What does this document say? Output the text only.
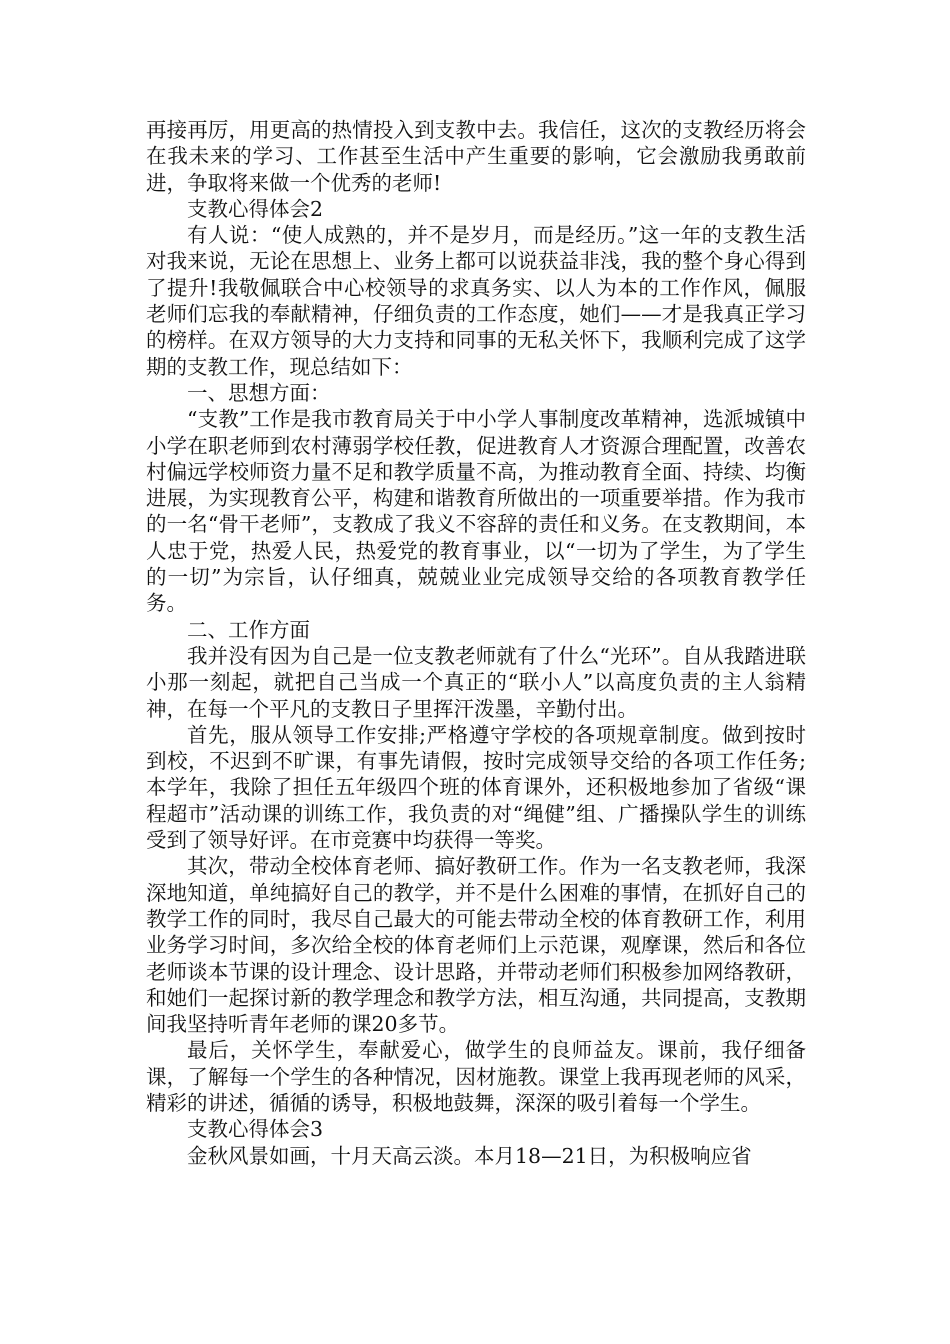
再接再厉，用更高的热情投入到支教中去。我信任，这次的支教经历将会在我未来的学习、工作甚至生活中产生重要的影响，它会激励我勇敢前进，争取将来做一个优秀的老师!

支教心得体会2

有人说：“使人成熟的，并不是岁月，而是经历。”这一年的支教生活对我来说，无论在思想上、业务上都可以说获益非浅，我的整个身心得到了提升!我敬佩联合中心校领导的求真务实、以人为本的工作作风，佩服老师们忘我的奉献精神，仔细负责的工作态度，她们——才是我真正学习的榜样。在双方领导的大力支持和同事的无私关怀下，我顺利完成了这学期的支教工作，现总结如下：

一、思想方面：

“支教”工作是我市教育局关于中小学人事制度改革精神，选派城镇中小学在职老师到农村薄弱学校任教，促进教育人才资源合理配置，改善农村偏远学校师资力量不足和教学质量不高，为推动教育全面、持续、均衡进展，为实现教育公平，构建和谐教育所做出的一项重要举措。作为我市的一名“骨干老师”，支教成了我义不容辞的责任和义务。在支教期间，本人忠于党，热爱人民，热爱党的教育事业，以“一切为了学生，为了学生的一切”为宗旨，认仔细真，兢兢业业完成领导交给的各项教育教学任务。

二、工作方面

我并没有因为自己是一位支教老师就有了什么“光环”。自从我踏进联小那一刻起，就把自己当成一个真正的“联小人”以高度负责的主人翁精神，在每一个平凡的支教日子里挥汗泼墨，辛勤付出。

首先，服从领导工作安排;严格遵守学校的各项规章制度。做到按时到校，不迟到不旷课，有事先请假，按时完成领导交给的各项工作任务;本学年，我除了担任五年级四个班的体育课外，还积极地参加了省级“课程超市”活动课的训练工作，我负责的对“绳健”组、广播操队学生的训练受到了领导好评。在市竞赛中均获得一等奖。

其次，带动全校体育老师、搞好教研工作。作为一名支教老师，我深深地知道，单纯搞好自己的教学，并不是什么困难的事情，在抓好自己的教学工作的同时，我尽自己最大的可能去带动全校的体育教研工作，利用业务学习时间，多次给全校的体育老师们上示范课，观摩课，然后和各位老师谈本节课的设计理念、设计思路，并带动老师们积极参加网络教研，和她们一起探讨新的教学理念和教学方法，相互沟通，共同提高，支教期间我坚持听青年老师的课20多节。

最后，关怀学生，奉献爱心，做学生的良师益友。课前，我仔细备课，了解每一个学生的各种情况，因材施教。课堂上我再现老师的风采，精彩的讲述，循循的诱导，积极地鼓舞，深深的吸引着每一个学生。

支教心得体会3

金秋风景如画，十月天高云淡。本月18—21日，为积极响应省
